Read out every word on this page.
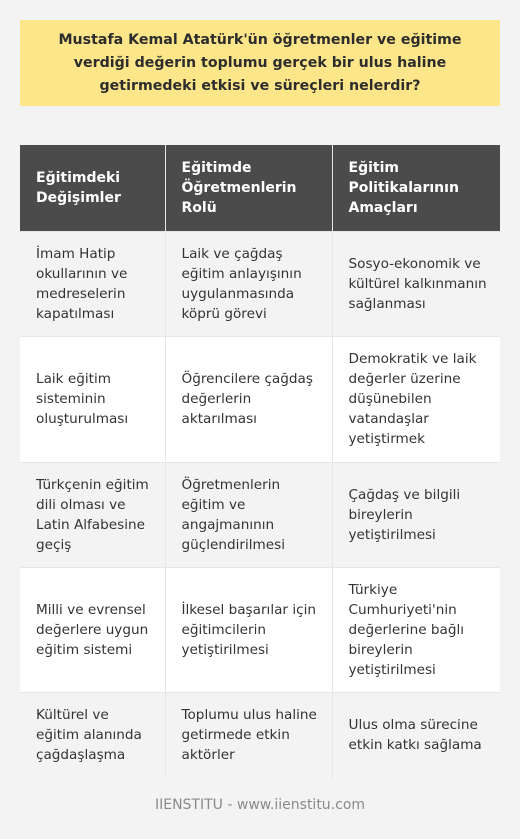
Mustafa Kemal Atatürk'ün öğretmenler ve eğitime verdiği değerin toplumu gerçek bir ulus haline getirmedeki etkisi ve süreçleri nelerdir?
Eğitimdeki Değişimler	Eğitimde Öğretmenlerin Rolü	Eğitim Politikalarının Amaçları
İmam Hatip okullarının ve medreselerin kapatılması	Laik ve çağdaş eğitim anlayışının uygulanmasında köprü görevi	Sosyo-ekonomik ve kültürel kalkınmanın sağlanması
Laik eğitim sisteminin oluşturulması	Öğrencilere çağdaş değerlerin aktarılması	Demokratik ve laik değerler üzerine düşünebilen vatandaşlar yetiştirmek
Türkçenin eğitim dili olması ve Latin Alfabesine geçiş	Öğretmenlerin eğitim ve angajmanının güçlendirilmesi	Çağdaş ve bilgili bireylerin yetiştirilmesi
Milli ve evrensel değerlere uygun eğitim sistemi	İlkesel başarılar için eğitimcilerin yetiştirilmesi	Türkiye Cumhuriyeti'nin değerlerine bağlı bireylerin yetiştirilmesi
Kültürel ve eğitim alanında çağdaşlaşma	Toplumu ulus haline getirmede etkin aktörler	Ulus olma sürecine etkin katkı sağlama
IIENSTITU - www.iienstitu.com
